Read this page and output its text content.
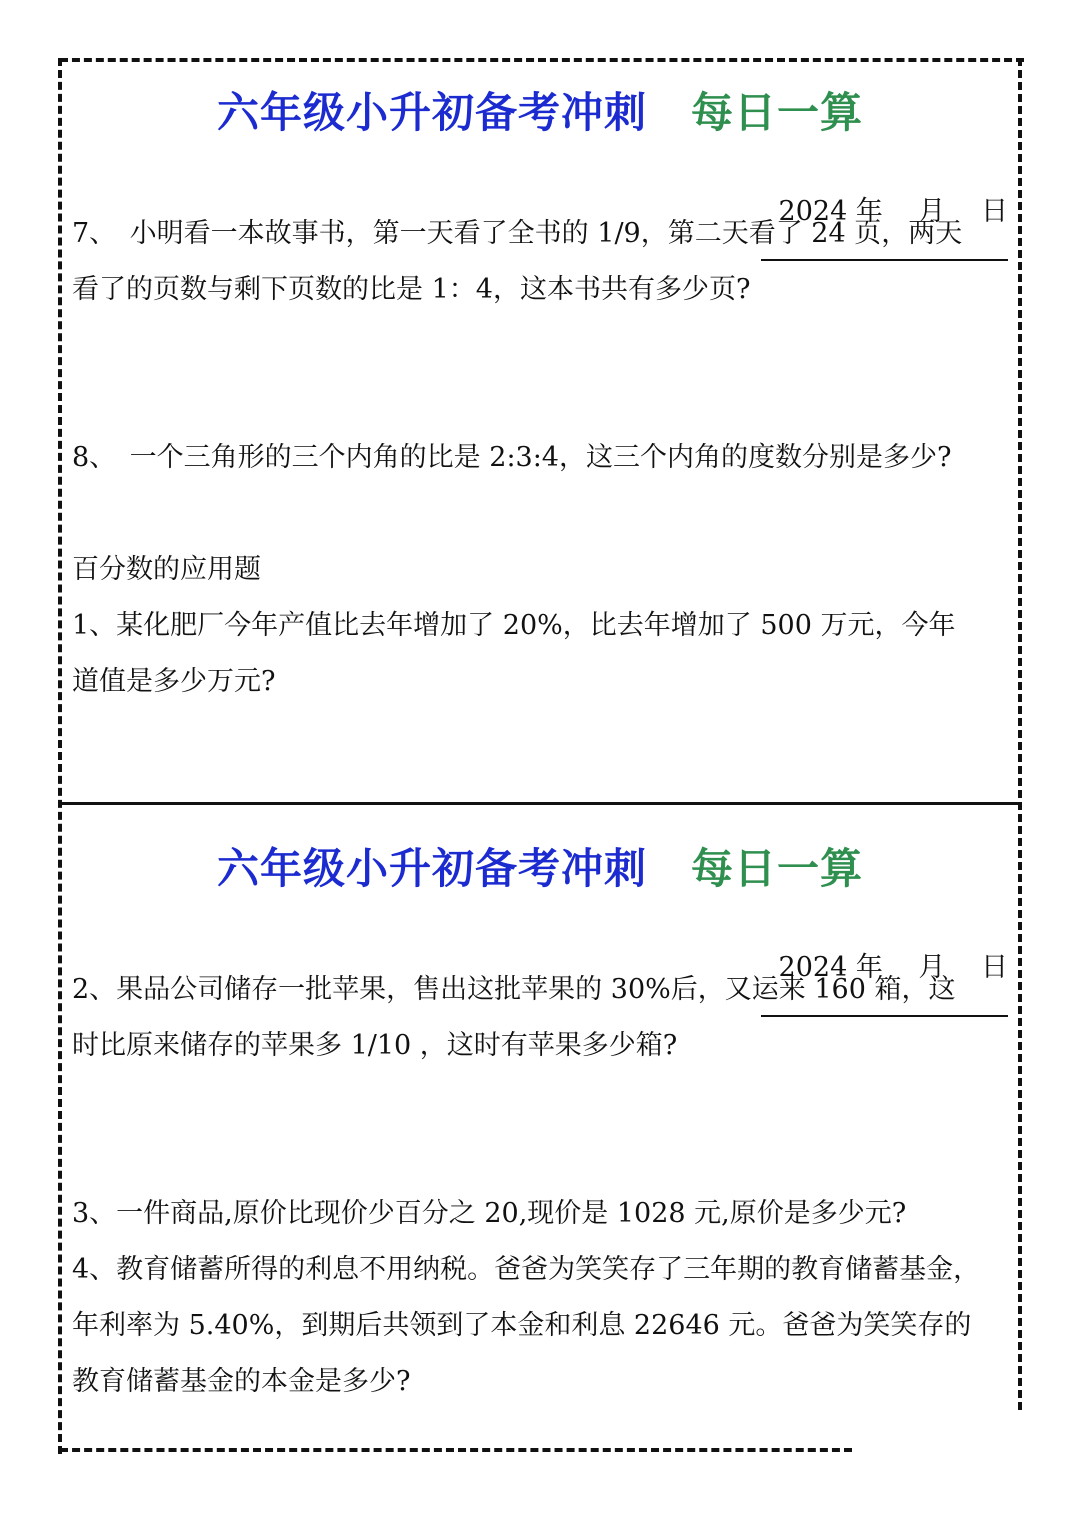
六年级小升初备考冲刺 每日一算

2024 年　 月 　日

7、　小明看一本故事书，第一天看了全书的 1/9，第二天看了 24 页，两天

看了的页数与剩下页数的比是 1：4，这本书共有多少页?

8、　一个三角形的三个内角的比是 2:3:4，这三个内角的度数分别是多少?

百分数的应用题

1、某化肥厂今年产值比去年增加了 20%，比去年增加了 500 万元，今年

道值是多少万元?

六年级小升初备考冲刺 每日一算

2024 年　 月 　日

2、果品公司储存一批苹果，售出这批苹果的 30%后，又运来 160 箱，这

时比原来储存的苹果多 1/10 ，这时有苹果多少箱?

3、一件商品,原价比现价少百分之 20,现价是 1028 元,原价是多少元?

4、教育储蓄所得的利息不用纳税。爸爸为笑笑存了三年期的教育储蓄基金，

年利率为 5.40%，到期后共领到了本金和利息 22646 元。爸爸为笑笑存的

教育储蓄基金的本金是多少?
